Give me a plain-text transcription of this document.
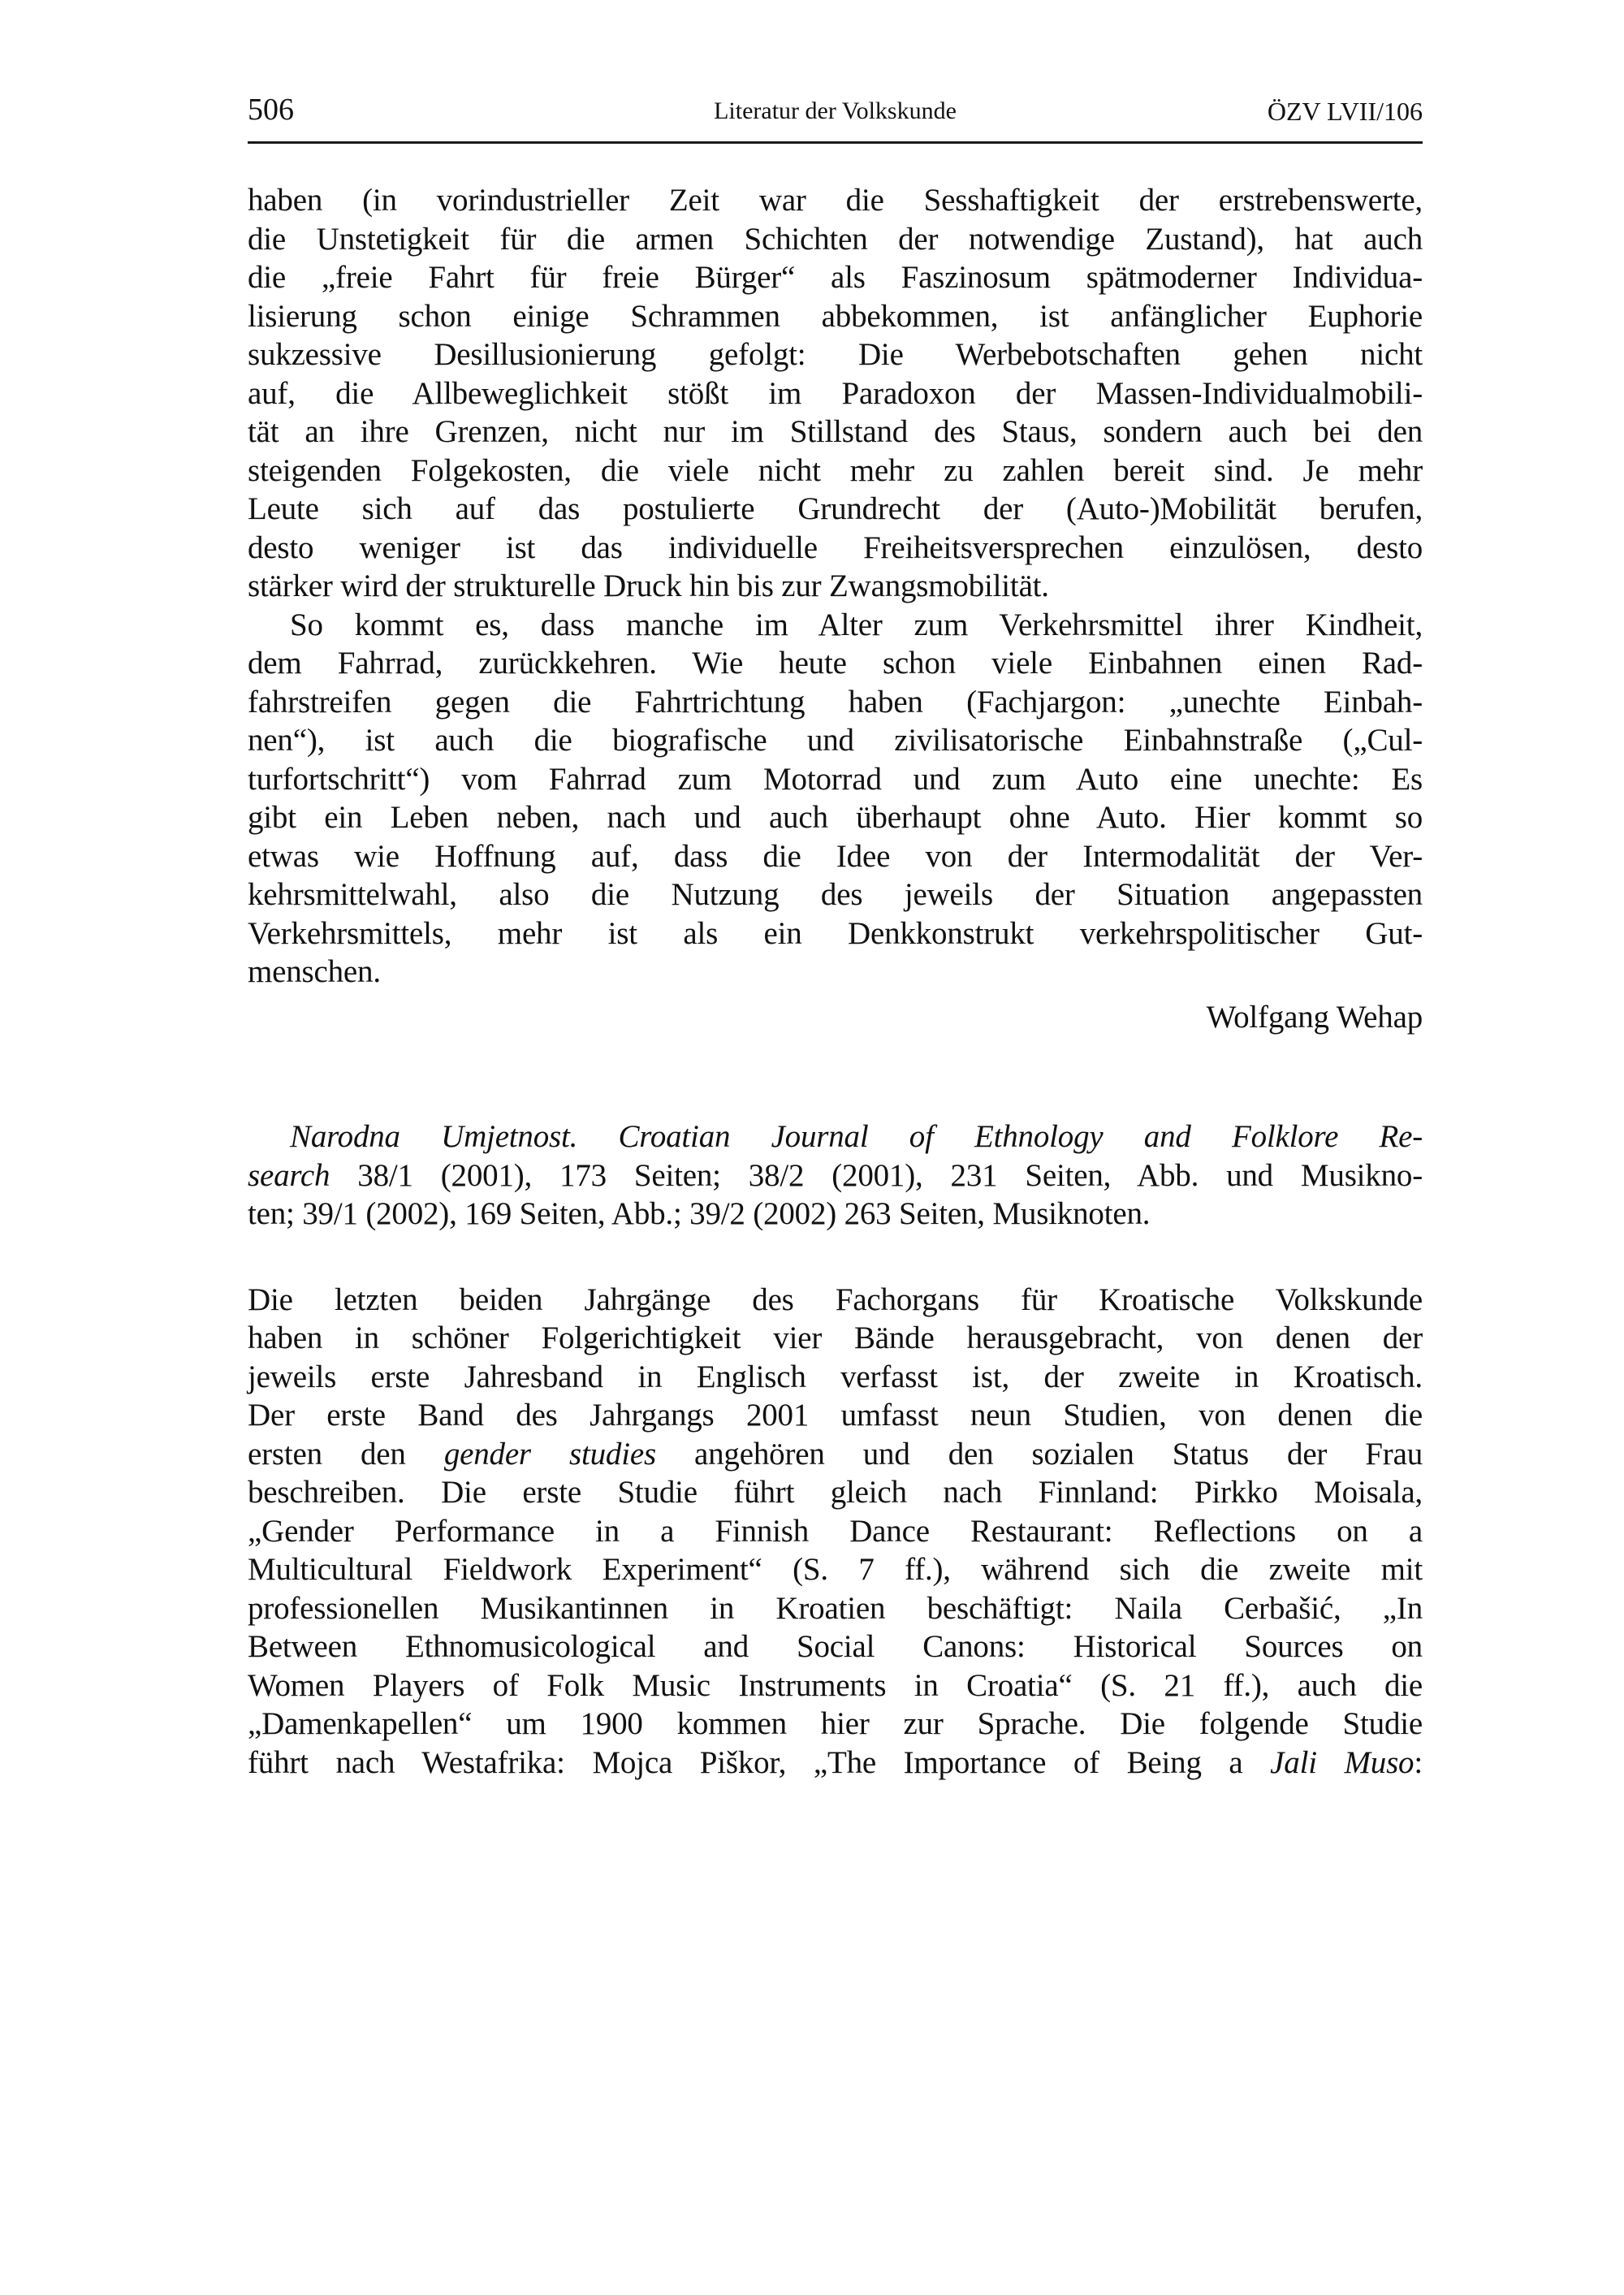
506	Literatur der Volkskunde	ÖZV LVII/106
haben (in vorindustrieller Zeit war die Sesshaftigkeit der erstrebenswerte,
die Unstetigkeit für die armen Schichten der notwendige Zustand), hat auch
die „freie Fahrt für freie Bürger“ als Faszinosum spätmoderner Individua-
lisierung schon einige Schrammen abbekommen, ist anfänglicher Euphorie
sukzessive Desillusionierung gefolgt: Die Werbebotschaften gehen nicht
auf, die Allbeweglichkeit stößt im Paradoxon der Massen-Individualmobili-
tät an ihre Grenzen, nicht nur im Stillstand des Staus, sondern auch bei den
steigenden Folgekosten, die viele nicht mehr zu zahlen bereit sind. Je mehr
Leute sich auf das postulierte Grundrecht der (Auto-)Mobilität berufen,
desto weniger ist das individuelle Freiheitsversprechen einzulösen, desto
stärker wird der strukturelle Druck hin bis zur Zwangsmobilität.
So kommt es, dass manche im Alter zum Verkehrsmittel ihrer Kindheit,
dem Fahrrad, zurückkehren. Wie heute schon viele Einbahnen einen Rad-
fahrstreifen gegen die Fahrtrichtung haben (Fachjargon: „unechte Einbah-
nen“), ist auch die biografische und zivilisatorische Einbahnstraße („Cul-
turfortschritt“) vom Fahrrad zum Motorrad und zum Auto eine unechte: Es
gibt ein Leben neben, nach und auch überhaupt ohne Auto. Hier kommt so
etwas wie Hoffnung auf, dass die Idee von der Intermodalität der Ver-
kehrsmittelwahl, also die Nutzung des jeweils der Situation angepassten
Verkehrsmittels, mehr ist als ein Denkkonstrukt verkehrspolitischer Gut-
menschen.
Wolfgang Wehap
Narodna Umjetnost. Croatian Journal of Ethnology and Folklore Re-
search 38/1 (2001), 173 Seiten; 38/2 (2001), 231 Seiten, Abb. und Musikno-
ten; 39/1 (2002), 169 Seiten, Abb.; 39/2 (2002) 263 Seiten, Musiknoten.
Die letzten beiden Jahrgänge des Fachorgans für Kroatische Volkskunde
haben in schöner Folgerichtigkeit vier Bände herausgebracht, von denen der
jeweils erste Jahresband in Englisch verfasst ist, der zweite in Kroatisch.
Der erste Band des Jahrgangs 2001 umfasst neun Studien, von denen die
ersten den gender studies angehören und den sozialen Status der Frau
beschreiben. Die erste Studie führt gleich nach Finnland: Pirkko Moisala,
„Gender Performance in a Finnish Dance Restaurant: Reflections on a
Multicultural Fieldwork Experiment“ (S. 7 ff.), während sich die zweite mit
professionellen Musikantinnen in Kroatien beschäftigt: Naila Cerbašić, „In
Between Ethnomusicological and Social Canons: Historical Sources on
Women Players of Folk Music Instruments in Croatia“ (S. 21 ff.), auch die
„Damenkapellen“ um 1900 kommen hier zur Sprache. Die folgende Studie
führt nach Westafrika: Mojca Piškor, „The Importance of Being a Jali Muso:
